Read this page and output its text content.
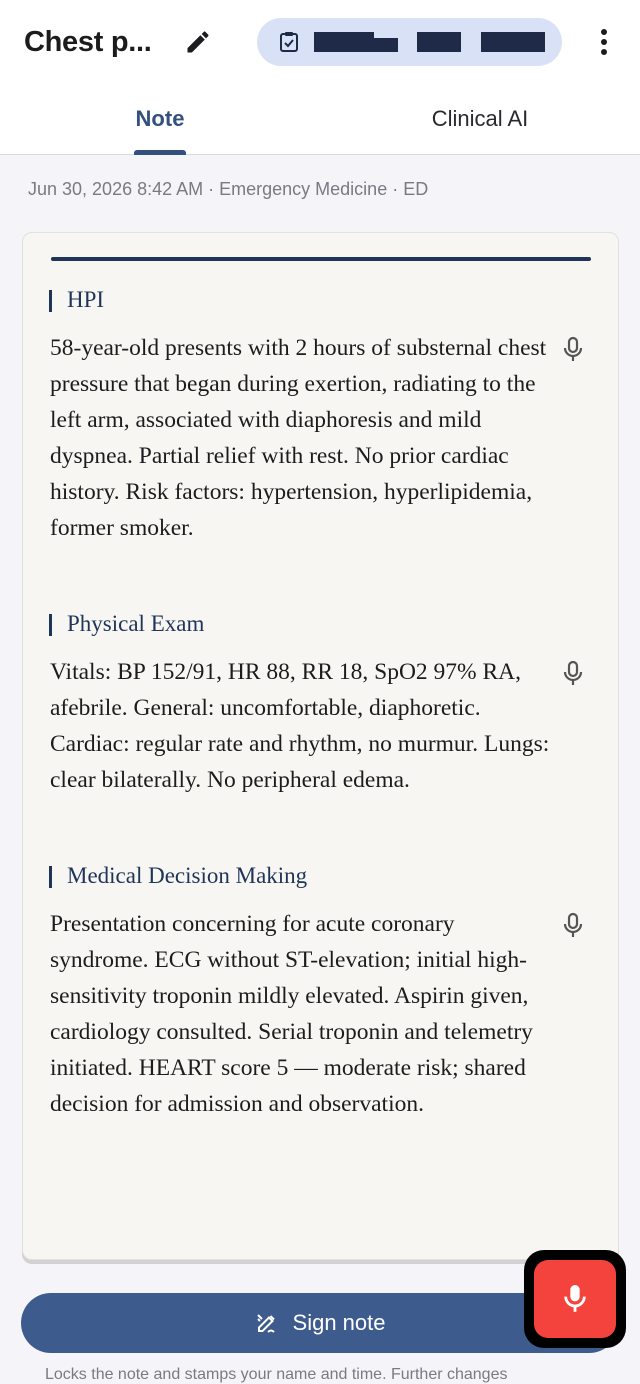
Chest p...
Note	Clinical AI
Jun 30, 2026 8:42 AM · Emergency Medicine · ED
HPI
58-year-old presents with 2 hours of substernal chest pressure that began during exertion, radiating to the left arm, associated with diaphoresis and mild dyspnea. Partial relief with rest. No prior cardiac history. Risk factors: hypertension, hyperlipidemia, former smoker.
Physical Exam
Vitals: BP 152/91, HR 88, RR 18, SpO2 97% RA, afebrile. General: uncomfortable, diaphoretic. Cardiac: regular rate and rhythm, no murmur. Lungs: clear bilaterally. No peripheral edema.
Medical Decision Making
Presentation concerning for acute coronary syndrome. ECG without ST-elevation; initial high-sensitivity troponin mildly elevated. Aspirin given, cardiology consulted. Serial troponin and telemetry initiated. HEART score 5 — moderate risk; shared decision for admission and observation.
Sign note
Locks the note and stamps your name and time. Further changes
